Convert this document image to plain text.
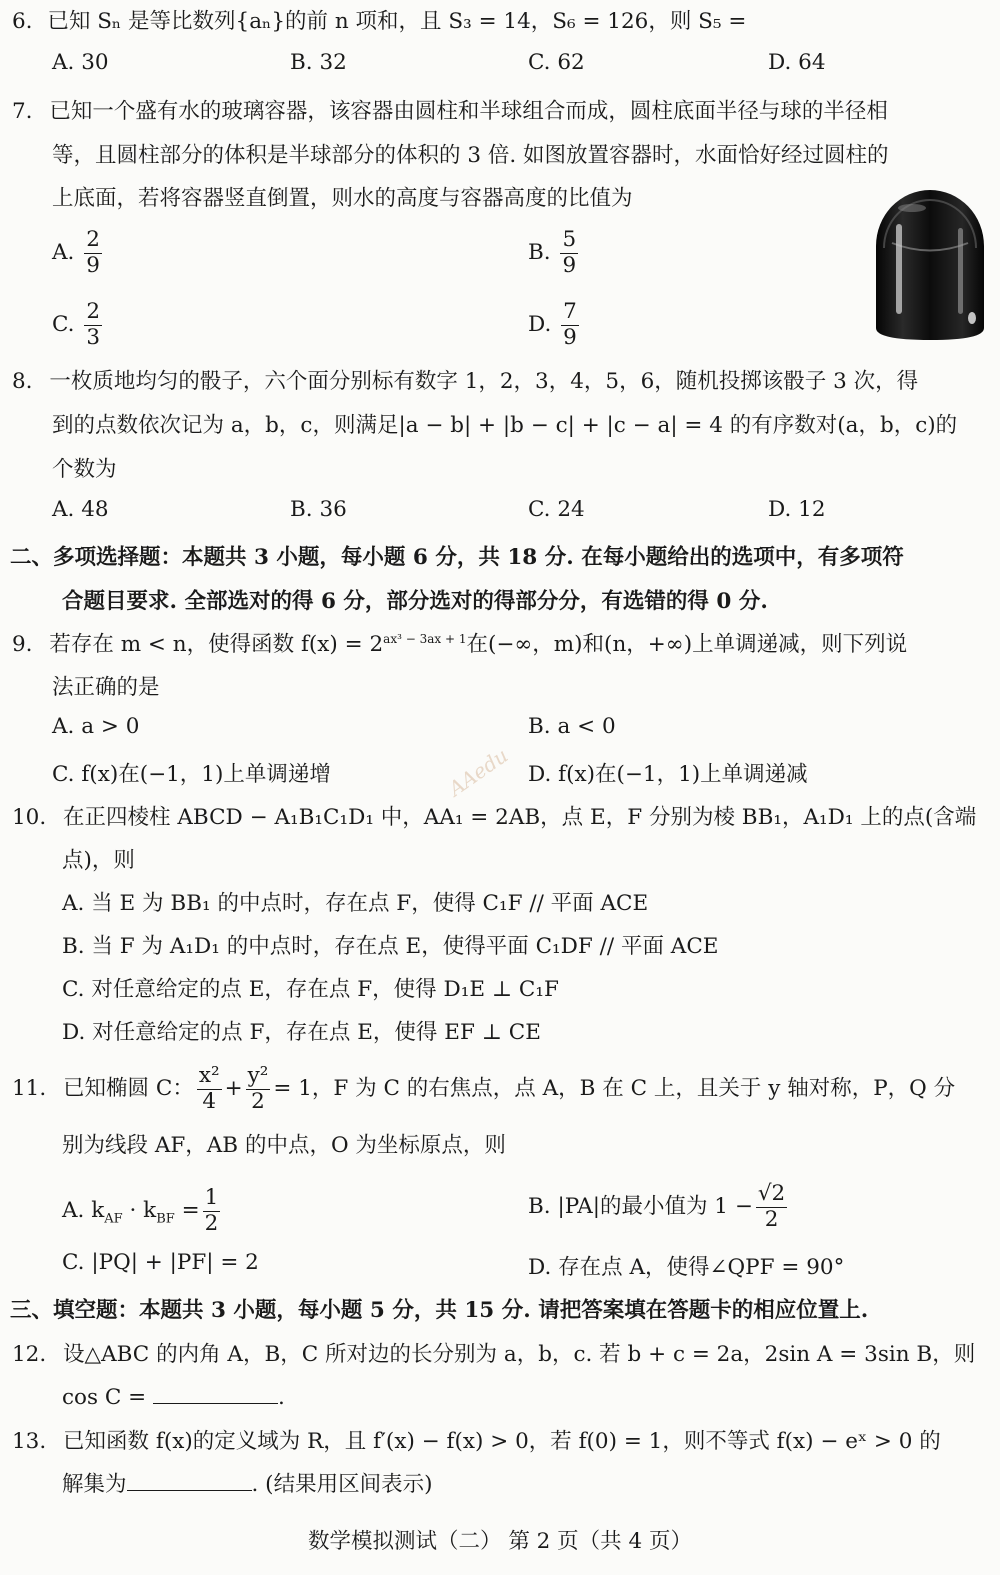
6. 已知 Sₙ 是等比数列{aₙ}的前 n 项和，且 S₃ = 14，S₆ = 126，则 S₅ =
A. 30	B. 32	C. 62	D. 64
7. 已知一个盛有水的玻璃容器，该容器由圆柱和半球组合而成，圆柱底面半径与球的半径相
等，且圆柱部分的体积是半球部分的体积的 3 倍. 如图放置容器时，水面恰好经过圆柱的
上底面，若将容器竖直倒置，则水的高度与容器高度的比值为
A. $\frac{2}{9}$	B. $\frac{5}{9}$
C. $\frac{2}{3}$	D. $\frac{7}{9}$
8. 一枚质地均匀的骰子，六个面分别标有数字 1，2，3，4，5，6，随机投掷该骰子 3 次，得
到的点数依次记为 a，b，c，则满足|a − b| + |b − c| + |c − a| = 4 的有序数对(a，b，c)的
个数为
A. 48	B. 36	C. 24	D. 12
二、多项选择题：本题共 3 小题，每小题 6 分，共 18 分. 在每小题给出的选项中，有多项符
合题目要求. 全部选对的得 6 分，部分选对的得部分分，有选错的得 0 分.
9. 若存在 m < n，使得函数 $f(x) = 2^{ax^3 - 3ax + 1}$在(−∞，m)和(n，+∞)上单调递减，则下列说
法正确的是
A. a > 0	B. a < 0
C. f(x)在(−1，1)上单调递增	D. f(x)在(−1，1)上单调递减
AAedu
10. 在正四棱柱 ABCD − A₁B₁C₁D₁ 中，AA₁ = 2AB，点 E，F 分别为棱 BB₁，A₁D₁ 上的点(含端
点)，则
A. 当 E 为 BB₁ 的中点时，存在点 F，使得 C₁F // 平面 ACE
B. 当 F 为 A₁D₁ 的中点时，存在点 E，使得平面 C₁DF // 平面 ACE
C. 对任意给定的点 E，存在点 F，使得 D₁E ⊥ C₁F
D. 对任意给定的点 F，存在点 E，使得 EF ⊥ CE
11. 已知椭圆 C： $\frac{\text{x²}}{4} + \frac{\text{y²}}{2} = 1$，F 为 C 的右焦点，点 A，B 在 C 上，且关于 y 轴对称，P，Q 分
别为线段 AF，AB 的中点，O 为坐标原点，则
A. $k_{AF} \cdot k_{BF} = \frac{1}{2}$	B. |PA|的最小值为 $1 - \frac{√2}{2}$
C. |PQ| + |PF| = 2	D. 存在点 A，使得∠QPF = 90°
三、填空题：本题共 3 小题，每小题 5 分，共 15 分. 请把答案填在答题卡的相应位置上.
12. 设△ABC 的内角 A，B，C 所对边的长分别为 a，b，c. 若 b + c = 2a，2sin A = 3sin B，则
cos C =	.
13. 已知函数 f(x)的定义域为 R，且 f′(x) − f(x) > 0，若 f(0) = 1，则不等式 f(x) − eˣ > 0 的
解集为	. (结果用区间表示)
数学模拟测试（二） 第 2 页（共 4 页）
